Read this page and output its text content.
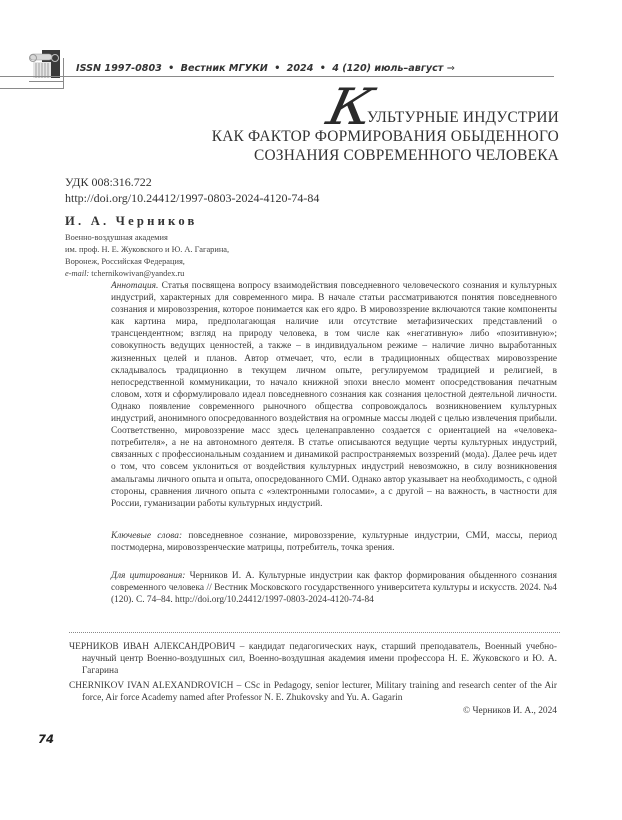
ISSN 1997-0803 • Вестник МГУКИ • 2024 • 4 (120) июль–август ⇒
КУЛЬТУРНЫЕ ИНДУСТРИИ
КАК ФАКТОР ФОРМИРОВАНИЯ ОБЫДЕННОГО
СОЗНАНИЯ СОВРЕМЕННОГО ЧЕЛОВЕКА
УДК 008:316.722
http://doi.org/10.24412/1997-0803-2024-4120-74-84
И. А. Черников
Военно-воздушная академия
им. проф. Н. Е. Жуковского и Ю. А. Гагарина,
Воронеж, Российская Федерация,
e-mail: tchernikowivan@yandex.ru
Аннотация. Статья посвящена вопросу взаимодействия повседневного человеческого сознания и культурных индустрий, характерных для современного мира. В начале статьи рассматриваются понятия повседневного сознания и мировоззрения, которое понимается как его ядро. В мировоззрение включаются такие компоненты как картина мира, предполагающая наличие или отсутствие метафизических представлений о трансцендентном; взгляд на природу человека, в том числе как «негативную» либо «позитивную»; совокупность ведущих ценностей, а также – в индивидуальном режиме – наличие лично выработанных жизненных целей и планов. Автор отмечает, что, если в традиционных обществах мировоззрение складывалось традиционно в текущем личном опыте, регулируемом традицией и религией, в непосредственной коммуникации, то начало книжной эпохи внесло момент опосредствования печатным словом, хотя и сформулировало идеал повседневного сознания как сознания целостной деятельной личности. Однако появление современного рыночного общества сопровождалось возникновением культурных индустрий, анонимного опосредованного воздействия на огромные массы людей с целью извлечения прибыли. Соответственно, мировоззрение масс здесь целенаправленно создается с ориентацией на «человека-потребителя», а не на автономного деятеля. В статье описываются ведущие черты культурных индустрий, связанных с профессиональным созданием и динамикой распространяемых воззрений (мода). Далее речь идет о том, что совсем уклониться от воздействия культурных индустрий невозможно, в силу возникновения амальгамы личного опыта и опыта, опосредованного СМИ. Однако автор указывает на необходимость, с одной стороны, сравнения личного опыта с «электронными голосами», а с другой – на важность, в частности для России, гуманизации работы культурных индустрий.
Ключевые слова: повседневное сознание, мировоззрение, культурные индустрии, СМИ, массы, период постмодерна, мировоззренческие матрицы, потребитель, точка зрения.
Для цитирования: Черников И. А. Культурные индустрии как фактор формирования обыденного сознания современного человека // Вестник Московского государственного университета культуры и искусств. 2024. №4 (120). С. 74–84. http://doi.org/10.24412/1997-0803-2024-4120-74-84

ЧЕРНИКОВ ИВАН АЛЕКСАНДРОВИЧ – кандидат педагогических наук, старший преподаватель, Военный учебно-научный центр Военно-воздушных сил, Военно-воздушная академия имени профессора Н. Е. Жуковского и Ю. А. Гагарина

CHERNIKOV IVAN ALEXANDROVICH – CSc in Pedagogy, senior lecturer, Military training and research center of the Air force, Air force Academy named after Professor N. E. Zhukovsky and Yu. A. Gagarin

© Черников И. А., 2024
74
